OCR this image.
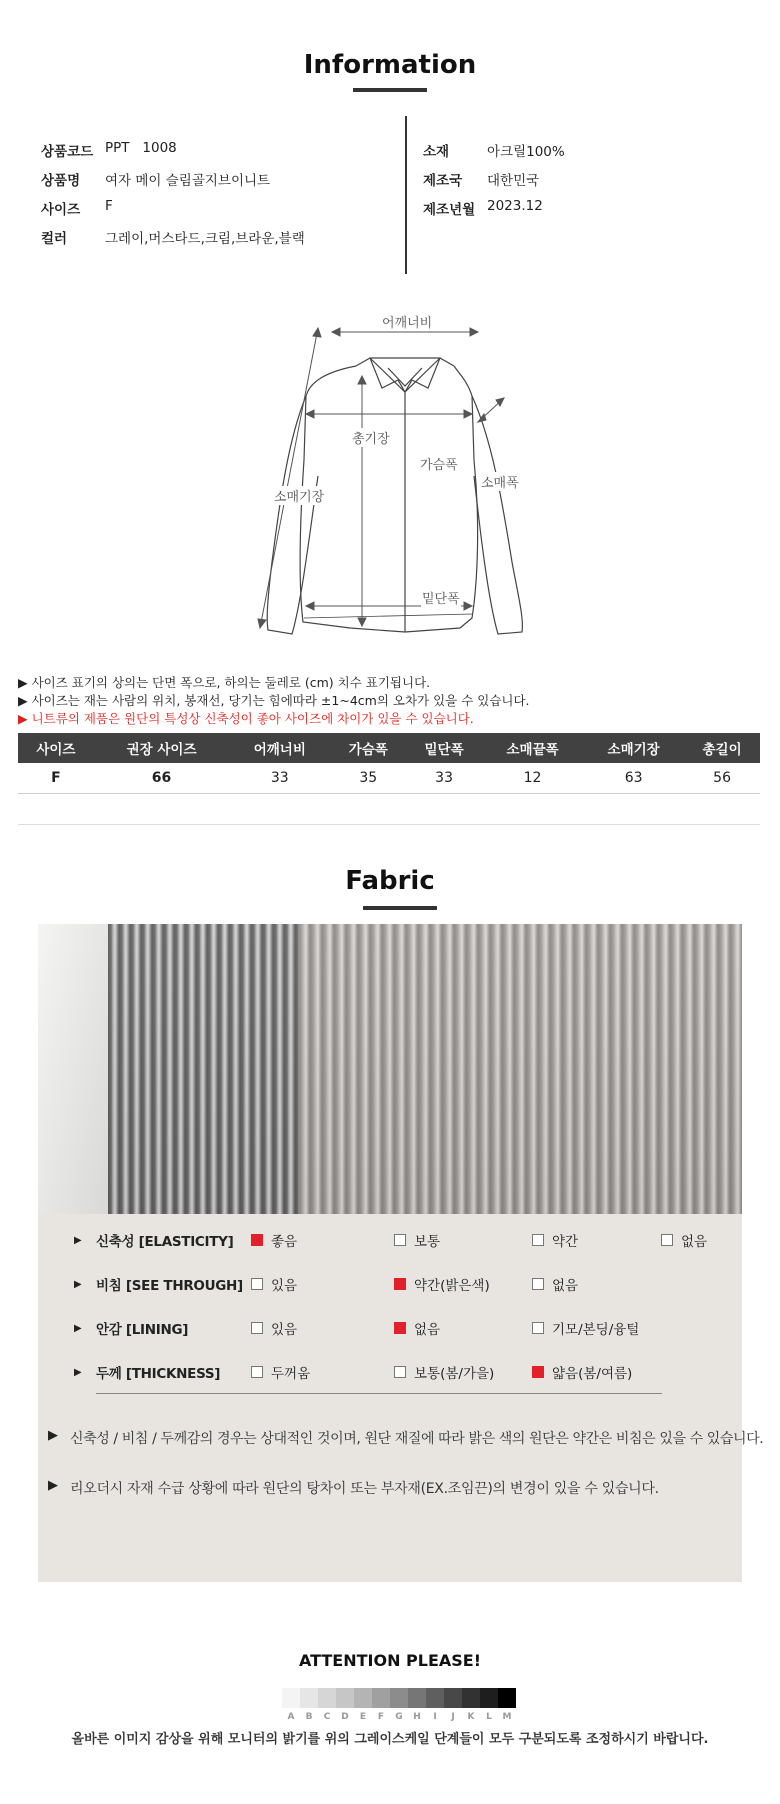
Information
상품코드 PPT   1008
상품명	여자 메이 슬림골지브이니트
사이즈	F
컬러	그레이,머스타드,크림,브라운,블랙
소재	아크릴100%
제조국	대한민국
제조년월 2023.12
어깨너비
총기장
가슴폭
소매폭
소매기장
밑단폭
▶ 사이즈 표기의 상의는 단면 폭으로, 하의는 둘레로 (cm) 치수 표기됩니다.
▶ 사이즈는 재는 사람의 위치, 봉재선, 당기는 힘에따라 ±1~4cm의 오차가 있을 수 있습니다.
▶ 니트류의 제품은 원단의 특성상 신축성이 좋아 사이즈에 차이가 있을 수 있습니다.
사이즈	권장 사이즈	어깨너비	가슴폭	밑단폭	소매끝폭	소매기장	총길이
F	66	33	35	33	12	63	56
Fabric
▶	신축성 [ELASTICITY]	좋음	보통	약간	없음
▶	비침 [SEE THROUGH]	있음	약간(밝은색)	없음
▶	안감 [LINING]	있음	없음	기모/본딩/융털
▶	두께 [THICKNESS]	두꺼움	보통(봄/가을)	얇음(봄/여름)
▶ 신축성 / 비침 / 두께감의 경우는 상대적인 것이며, 원단 재질에 따라 밝은 색의 원단은 약간은 비침은 있을 수 있습니다.
▶ 리오더시 자재 수급 상황에 따라 원단의 탕차이 또는 부자재(EX.조임끈)의 변경이 있을 수 있습니다.
ATTENTION PLEASE!
A	B	C	D	E	F	G	H	I	J	K	L	M
올바른 이미지 감상을 위해 모니터의 밝기를 위의 그레이스케일 단계들이 모두 구분되도록 조정하시기 바랍니다.
